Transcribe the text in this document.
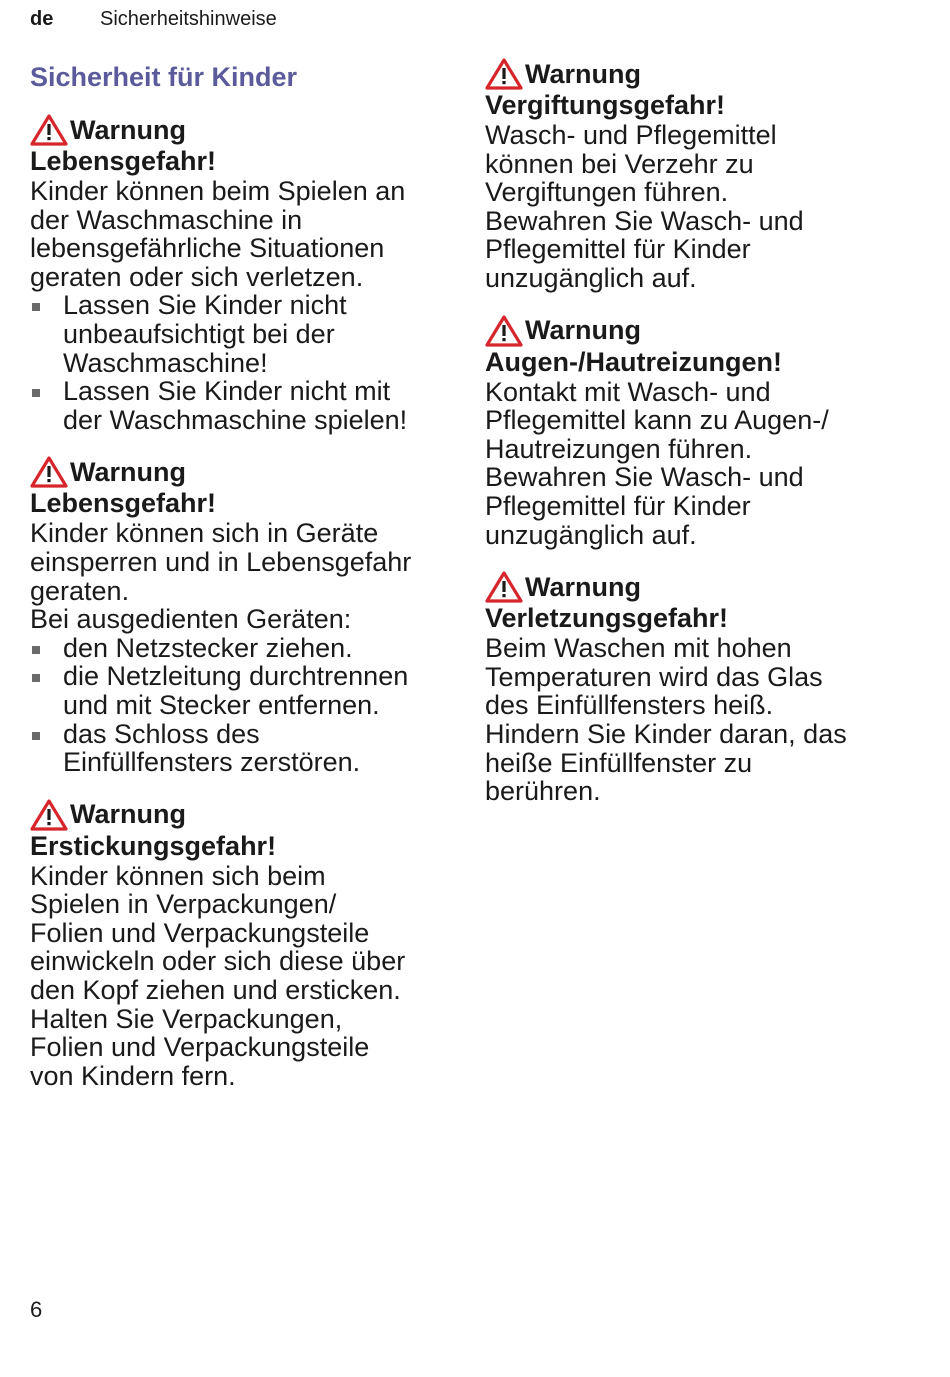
de	Sicherheitshinweise
Sicherheit für Kinder
Warnung
Lebensgefahr!
Kinder können beim Spielen an
der Waschmaschine in
lebensgefährliche Situationen
geraten oder sich verletzen.
Lassen Sie Kinder nicht
unbeaufsichtigt bei der
Waschmaschine!
Lassen Sie Kinder nicht mit
der Waschmaschine spielen!
Warnung
Lebensgefahr!
Kinder können sich in Geräte
einsperren und in Lebensgefahr
geraten.
Bei ausgedienten Geräten:
den Netzstecker ziehen.
die Netzleitung durchtrennen
und mit Stecker entfernen.
das Schloss des
Einfüllfensters zerstören.
Warnung
Erstickungsgefahr!
Kinder können sich beim
Spielen in Verpackungen/
Folien und Verpackungsteile
einwickeln oder sich diese über
den Kopf ziehen und ersticken.
Halten Sie Verpackungen,
Folien und Verpackungsteile
von Kindern fern.
Warnung
Vergiftungsgefahr!
Wasch- und Pflegemittel
können bei Verzehr zu
Vergiftungen führen.
Bewahren Sie Wasch- und
Pflegemittel für Kinder
unzugänglich auf.
Warnung
Augen-/Hautreizungen!
Kontakt mit Wasch- und
Pflegemittel kann zu Augen-/
Hautreizungen führen.
Bewahren Sie Wasch- und
Pflegemittel für Kinder
unzugänglich auf.
Warnung
Verletzungsgefahr!
Beim Waschen mit hohen
Temperaturen wird das Glas
des Einfüllfensters heiß.
Hindern Sie Kinder daran, das
heiße Einfüllfenster zu
berühren.
6
